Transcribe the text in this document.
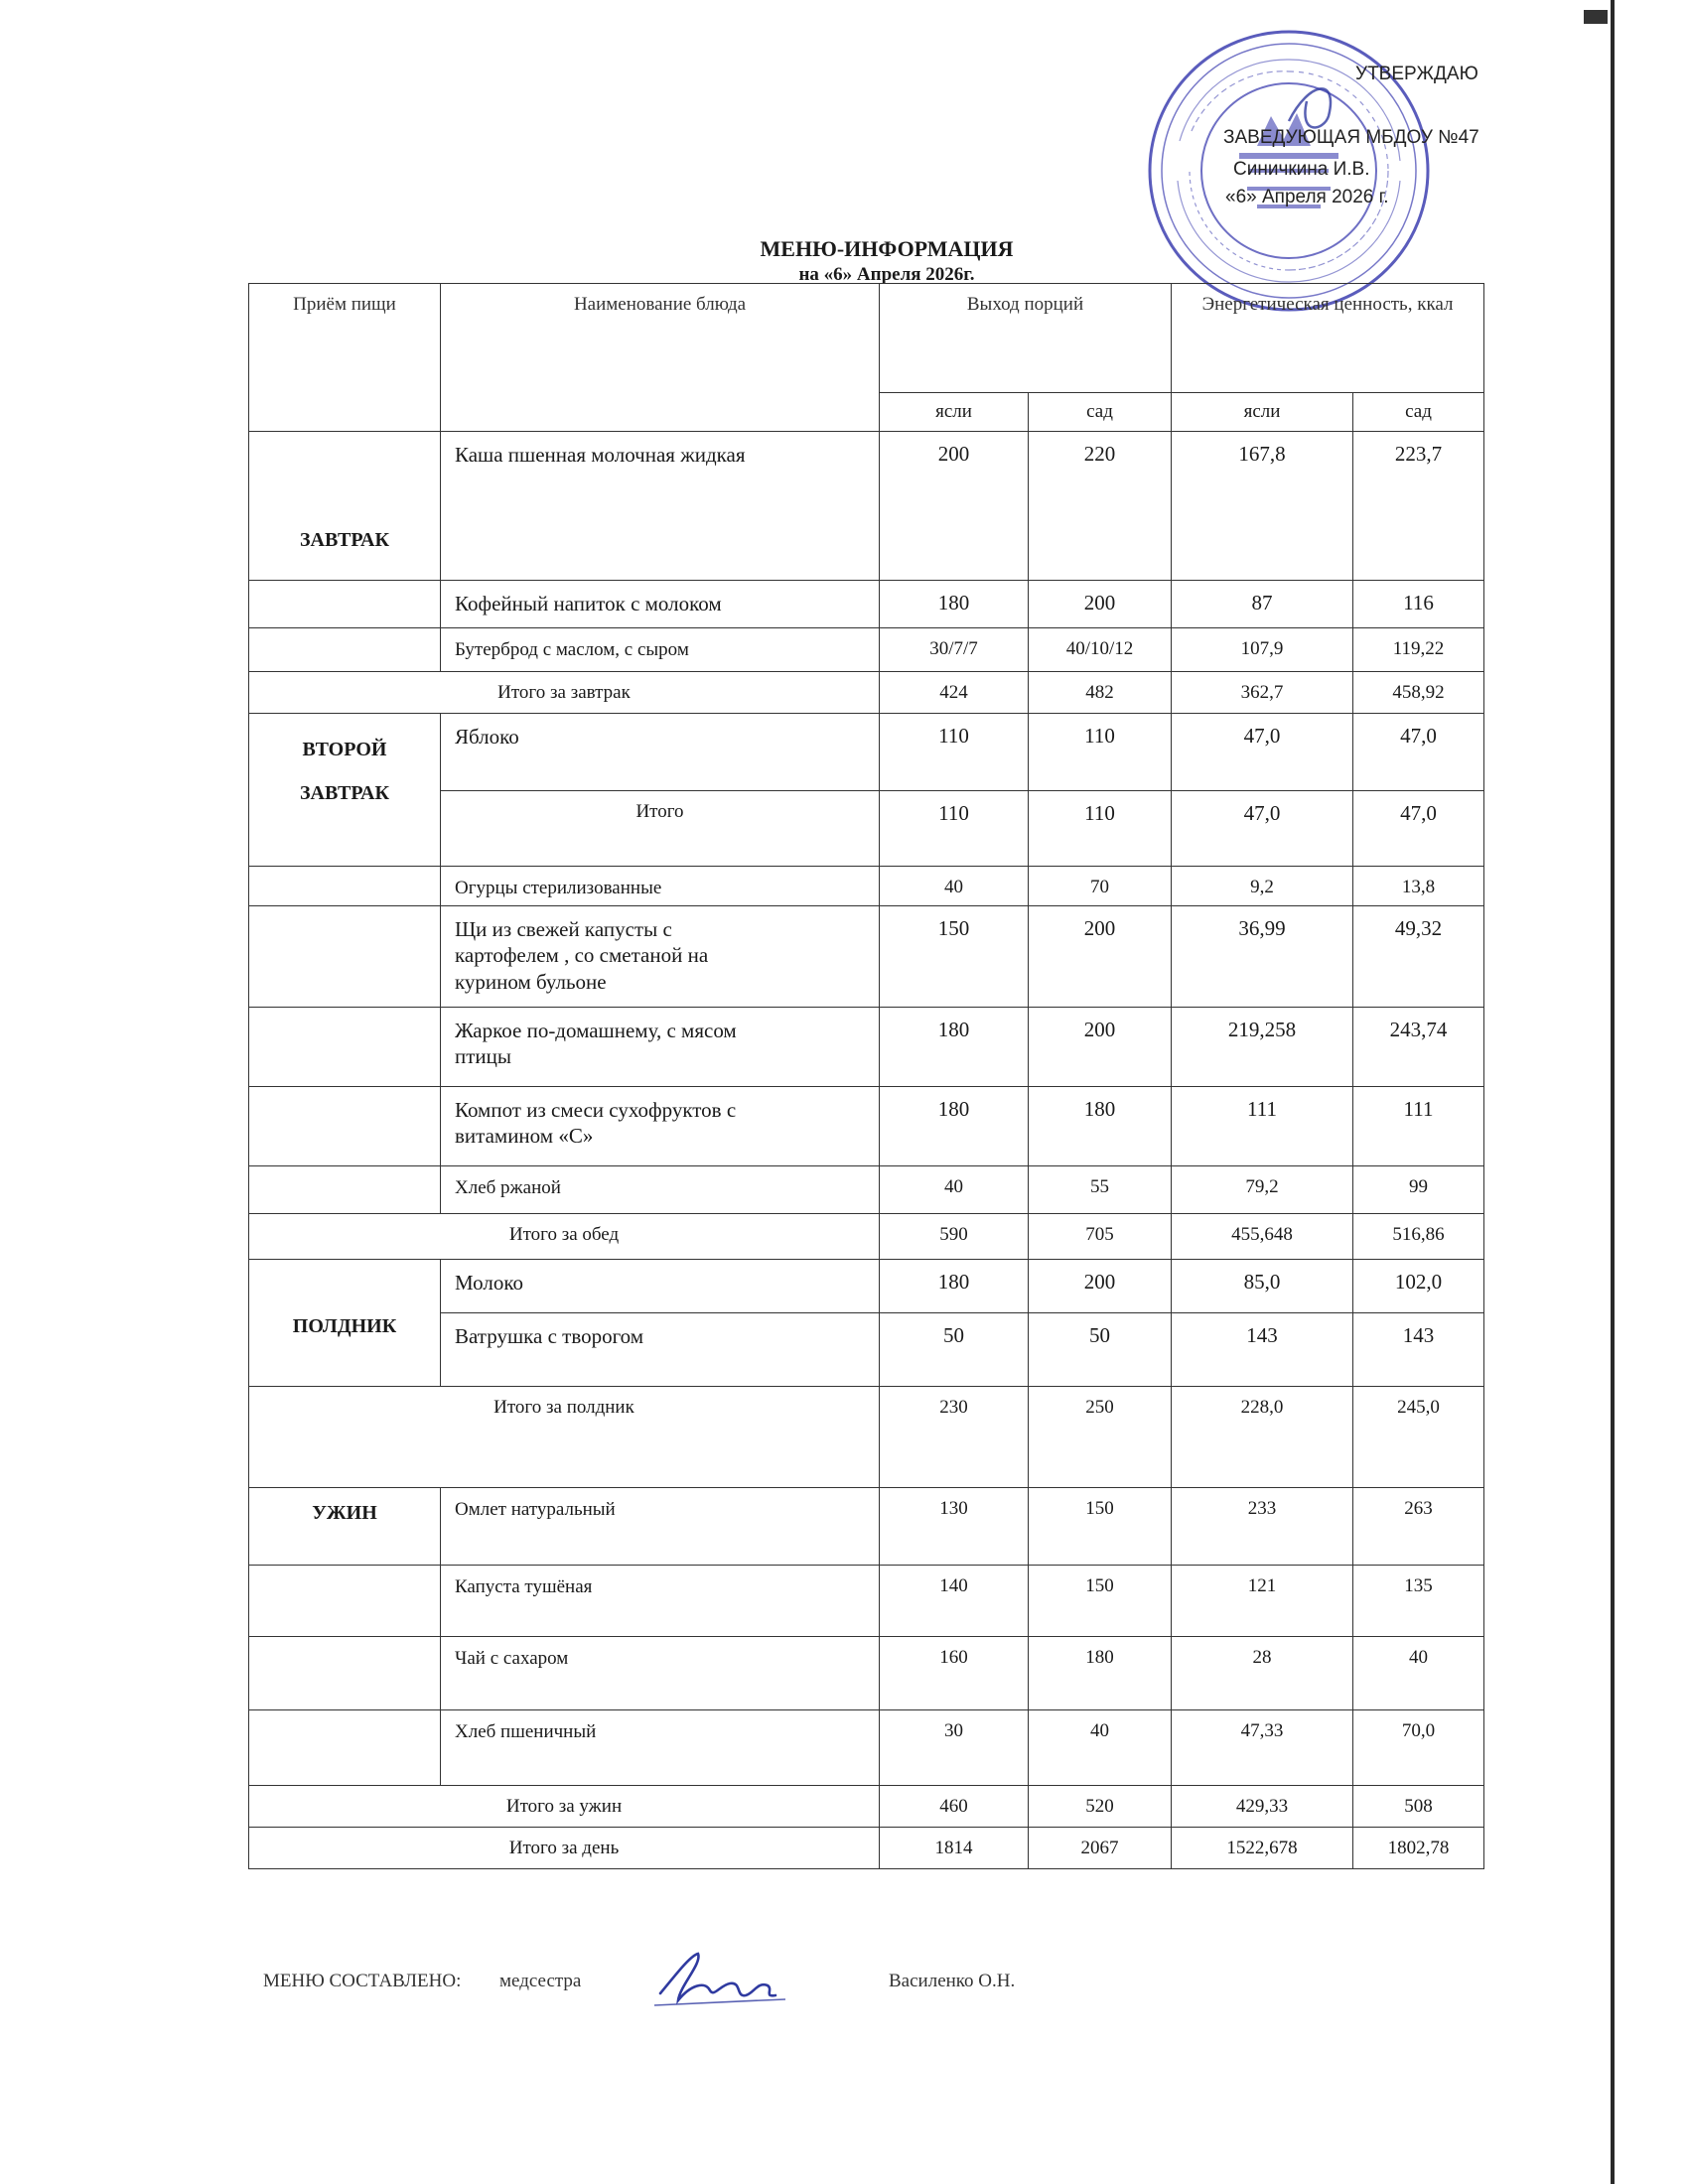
УТВЕРЖДАЮ
ЗАВЕДУЮЩАЯ МБДОУ №47
Синичкина И.В.
«6» Апреля 2026 г.
МЕНЮ-ИНФОРМАЦИЯ
на «6» Апреля 2026г.
Приём пищи	Наименование блюда	Выход порций		Энергетическая ценность, ккал	
		ясли	сад	ясли	сад
ЗАВТРАК	Каша пшенная молочная жидкая	200	220	167,8	223,7
	Кофейный напиток с молоком	180	200	87	116
	Бутерброд с маслом, с сыром	30/7/7	40/10/12	107,9	119,22
Итого за завтрак		424	482	362,7	458,92
ВТОРОЙ ЗАВТРАК	Яблоко	110	110	47,0	47,0
	Итого	110	110	47,0	47,0
	Огурцы стерилизованные	40	70	9,2	13,8
	Щи из свежей капусты с картофелем , со сметаной на курином бульоне	150	200	36,99	49,32
	Жаркое по-домашнему, с мясом птицы	180	200	219,258	243,74
	Компот из смеси сухофруктов с витамином «С»	180	180	111	111
	Хлеб ржаной	40	55	79,2	99
Итого за обед		590	705	455,648	516,86
ПОЛДНИК	Молоко	180	200	85,0	102,0
	Ватрушка с творогом	50	50	143	143
Итого за полдник		230	250	228,0	245,0
УЖИН	Омлет натуральный	130	150	233	263
	Капуста тушёная	140	150	121	135
	Чай с сахаром	160	180	28	40
	Хлеб пшеничный	30	40	47,33	70,0
Итого за ужин		460	520	429,33	508
Итого за день		1814	2067	1522,678	1802,78
МЕНЮ СОСТАВЛЕНО: медсестра	Василенко О.Н.
